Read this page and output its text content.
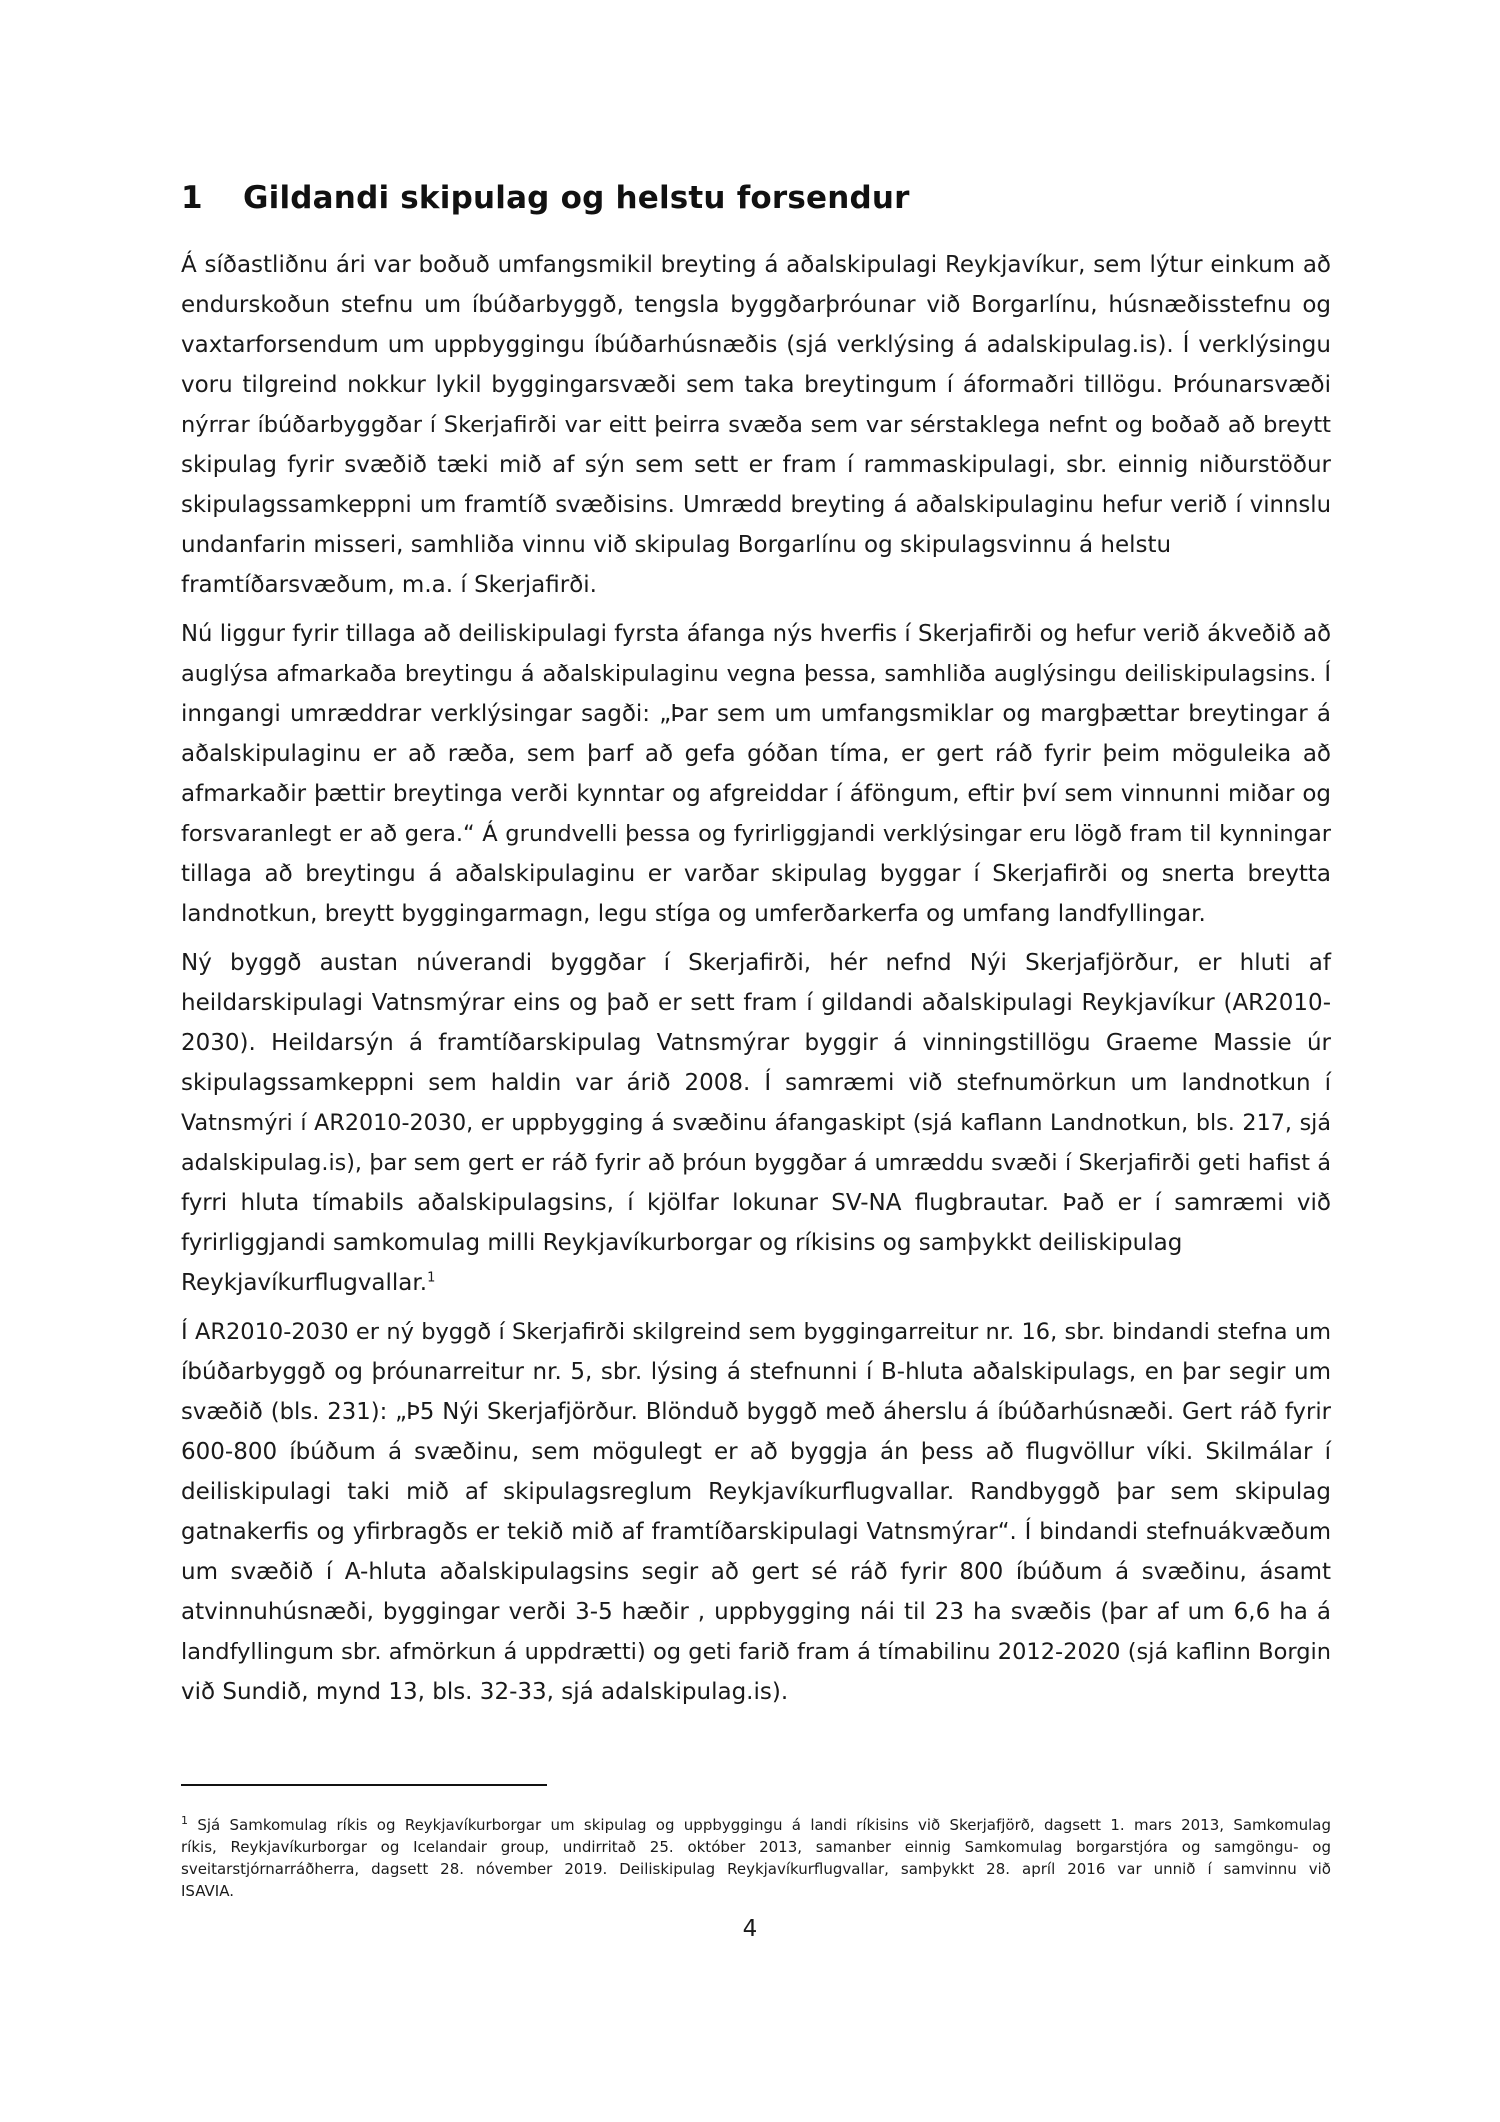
1 Gildandi skipulag og helstu forsendur
Á síðastliðnu ári var boðuð umfangsmikil breyting á aðalskipulagi Reykjavíkur, sem lýtur einkum að
endurskoðun stefnu um íbúðarbyggð, tengsla byggðarþróunar við Borgarlínu, húsnæðisstefnu og
vaxtarforsendum um uppbyggingu íbúðarhúsnæðis (sjá verklýsing á adalskipulag.is). Í verklýsingu
voru tilgreind nokkur lykil byggingarsvæði sem taka breytingum í áformaðri tillögu. Þróunarsvæði
nýrrar íbúðarbyggðar í Skerjafirði var eitt þeirra svæða sem var sérstaklega nefnt og boðað að breytt
skipulag fyrir svæðið tæki mið af sýn sem sett er fram í rammaskipulagi, sbr. einnig niðurstöður
skipulagssamkeppni um framtíð svæðisins. Umrædd breyting á aðalskipulaginu hefur verið í vinnslu
undanfarin misseri, samhliða vinnu við skipulag Borgarlínu og skipulagsvinnu á helstu
framtíðarsvæðum, m.a. í Skerjafirði.
Nú liggur fyrir tillaga að deiliskipulagi fyrsta áfanga nýs hverfis í Skerjafirði og hefur verið ákveðið að
auglýsa afmarkaða breytingu á aðalskipulaginu vegna þessa, samhliða auglýsingu deiliskipulagsins. Í
inngangi umræddrar verklýsingar sagði: „Þar sem um umfangsmiklar og margþættar breytingar á
aðalskipulaginu er að ræða, sem þarf að gefa góðan tíma, er gert ráð fyrir þeim möguleika að
afmarkaðir þættir breytinga verði kynntar og afgreiddar í áföngum, eftir því sem vinnunni miðar og
forsvaranlegt er að gera.“ Á grundvelli þessa og fyrirliggjandi verklýsingar eru lögð fram til kynningar
tillaga að breytingu á aðalskipulaginu er varðar skipulag byggar í Skerjafirði og snerta breytta
landnotkun, breytt byggingarmagn, legu stíga og umferðarkerfa og umfang landfyllingar.
Ný byggð austan núverandi byggðar í Skerjafirði, hér nefnd Nýi Skerjafjörður, er hluti af
heildarskipulagi Vatnsmýrar eins og það er sett fram í gildandi aðalskipulagi Reykjavíkur (AR2010-
2030). Heildarsýn á framtíðarskipulag Vatnsmýrar byggir á vinningstillögu Graeme Massie úr
skipulagssamkeppni sem haldin var árið 2008. Í samræmi við stefnumörkun um landnotkun í
Vatnsmýri í AR2010-2030, er uppbygging á svæðinu áfangaskipt (sjá kaflann Landnotkun, bls. 217, sjá
adalskipulag.is), þar sem gert er ráð fyrir að þróun byggðar á umræddu svæði í Skerjafirði geti hafist á
fyrri hluta tímabils aðalskipulagsins, í kjölfar lokunar SV-NA flugbrautar. Það er í samræmi við
fyrirliggjandi samkomulag milli Reykjavíkurborgar og ríkisins og samþykkt deiliskipulag
Reykjavíkurflugvallar.$^1$
Í AR2010-2030 er ný byggð í Skerjafirði skilgreind sem byggingarreitur nr. 16, sbr. bindandi stefna um
íbúðarbyggð og þróunarreitur nr. 5, sbr. lýsing á stefnunni í B-hluta aðalskipulags, en þar segir um
svæðið (bls. 231): „Þ5 Nýi Skerjafjörður. Blönduð byggð með áherslu á íbúðarhúsnæði. Gert ráð fyrir
600-800 íbúðum á svæðinu, sem mögulegt er að byggja án þess að flugvöllur víki. Skilmálar í
deiliskipulagi taki mið af skipulagsreglum Reykjavíkurflugvallar. Randbyggð þar sem skipulag
gatnakerfis og yfirbragðs er tekið mið af framtíðarskipulagi Vatnsmýrar“. Í bindandi stefnuákvæðum
um svæðið í A-hluta aðalskipulagsins segir að gert sé ráð fyrir 800 íbúðum á svæðinu, ásamt
atvinnuhúsnæði, byggingar verði 3-5 hæðir , uppbygging nái til 23 ha svæðis (þar af um 6,6 ha á
landfyllingum sbr. afmörkun á uppdrætti) og geti farið fram á tímabilinu 2012-2020 (sjá kaflinn Borgin
við Sundið, mynd 13, bls. 32-33, sjá adalskipulag.is).
$^1$ Sjá Samkomulag ríkis og Reykjavíkurborgar um skipulag og uppbyggingu á landi ríkisins við Skerjafjörð, dagsett 1. mars 2013, Samkomulag
ríkis, Reykjavíkurborgar og Icelandair group, undirritað 25. október 2013, samanber einnig Samkomulag borgarstjóra og samgöngu- og
sveitarstjórnarráðherra, dagsett 28. nóvember 2019. Deiliskipulag Reykjavíkurflugvallar, samþykkt 28. apríl 2016 var unnið í samvinnu við
ISAVIA.
4
